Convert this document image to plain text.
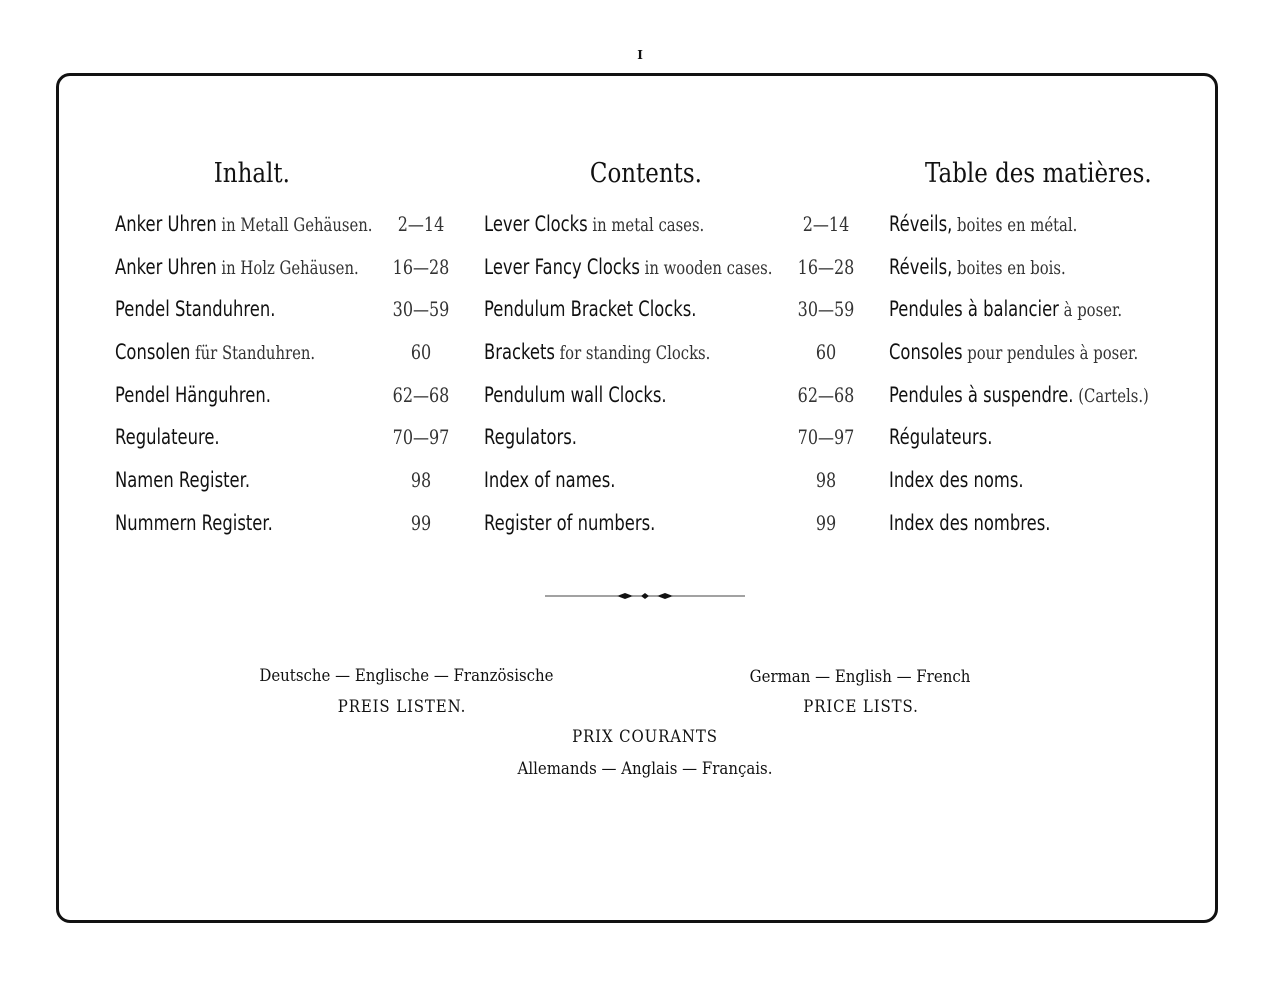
I
Inhalt.	Contents.	Table des matières.
Anker Uhren in Metall Gehäusen.	2—14
Anker Uhren in Holz Gehäusen. 16—28
Pendel Standuhren.	30—59
Consolen für Standuhren.	60
Pendel Hänguhren.	62—68
Regulateure.	70—97
Namen Register.	98
Nummern Register.	99
Lever Clocks in metal cases.	2—14
Lever Fancy Clocks in wooden cases. 16—28
Pendulum Bracket Clocks.	30—59
Brackets for standing Clocks.	60
Pendulum wall Clocks.	62—68
Regulators.	70—97
Index of names.	98
Register of numbers.	99
Réveils, boites en métal.
Réveils, boites en bois.
Pendules à balancier à poser.
Consoles pour pendules à poser.
Pendules à suspendre. (Cartels.)
Régulateurs.
Index des noms.
Index des nombres.
Deutsche — Englische — Französische
PREIS LISTEN.
German — English — French
PRICE LISTS.
PRIX COURANTS
Allemands — Anglais — Français.
